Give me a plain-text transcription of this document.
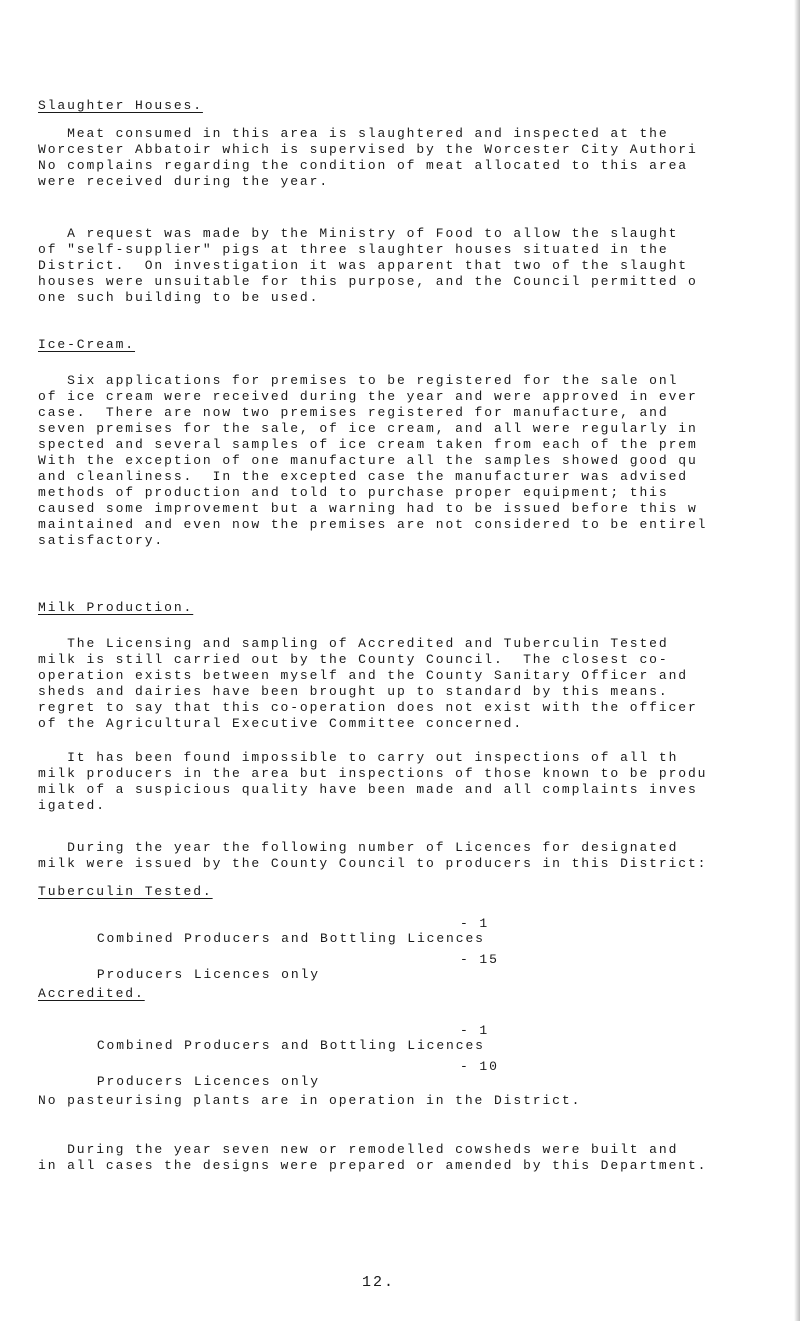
Slaughter Houses.
Meat consumed in this area is slaughtered and inspected at the
Worcester Abbatoir which is supervised by the Worcester City Authori
No complains regarding the condition of meat allocated to this area
were received during the year.
A request was made by the Ministry of Food to allow the slaught
of "self-supplier" pigs at three slaughter houses situated in the
District.  On investigation it was apparent that two of the slaught
houses were unsuitable for this purpose, and the Council permitted o
one such building to be used.
Ice-Cream.
Six applications for premises to be registered for the sale onl
of ice cream were received during the year and were approved in ever
case.  There are now two premises registered for manufacture, and
seven premises for the sale, of ice cream, and all were regularly in
spected and several samples of ice cream taken from each of the prem
With the exception of one manufacture all the samples showed good qu
and cleanliness.  In the excepted case the manufacturer was advised
methods of production and told to purchase proper equipment; this
caused some improvement but a warning had to be issued before this w
maintained and even now the premises are not considered to be entirel
satisfactory.
Milk Production.
The Licensing and sampling of Accredited and Tuberculin Tested
milk is still carried out by the County Council.  The closest co-
operation exists between myself and the County Sanitary Officer and
sheds and dairies have been brought up to standard by this means.
regret to say that this co-operation does not exist with the officer
of the Agricultural Executive Committee concerned.
It has been found impossible to carry out inspections of all th
milk producers in the area but inspections of those known to be produ
milk of a suspicious quality have been made and all complaints inves
igated.
During the year the following number of Licences for designated
milk were issued by the County Council to producers in this District:
Tuberculin Tested.

Combined Producers and Bottling Licences

- 1

Producers Licences only

- 15
Accredited.

Combined Producers and Bottling Licences

- 1

Producers Licences only

- 10
No pasteurising plants are in operation in the District.
During the year seven new or remodelled cowsheds were built and
in all cases the designs were prepared or amended by this Department.
12.
